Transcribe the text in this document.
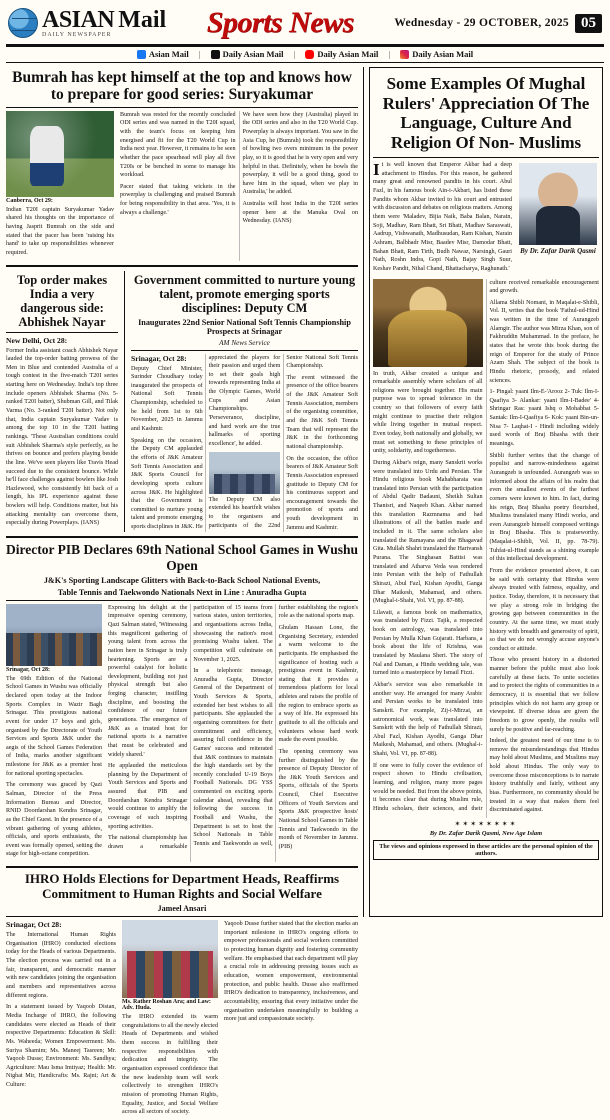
ASIAN Mail
DAILY NEWSPAPER	Sports News	Wednesday - 29 OCTOBER, 2025 05
Asian Mail |	Daily Asian Mail |	Daily Asian Mail |	Daily Asian Mail
Bumrah has kept himself at the top and knows how to prepare for good series: Suryakumar
Canberra, Oct 29:

Indian T20I captain Suryakumar Yadav shared his thoughts on the importance of having Jasprit Bumrah on the side and stated that the pacer has been 'raising his hand' to take up responsibilities whenever required.

Bumrah was rested for the recently concluded ODI series and was named in the T20I squad, with the team's focus on keeping him energised and fit for the T20 World Cup in India next year. However, it remains to be seen whether the pace spearhead will play all five T20Is or be benched in some to manage his workload.

Pacer stated that taking wickets in the powerplay is challenging and praised Bumrah for being responsibility in that area. 'Yes, it is always a challenge.'

We have seen how they (Australia) played in the ODI series and also in the T20 World Cup. Powerplay is always important. You saw in the Asia Cup, he (Bumrah) took the responsibility of bowling two overs minimum in the power play, so it is good that he is very open and very helpful in that. Definitely, when he bowls the powerplay, it will be a good thing, good to have him in the squad, when we play in Australia,' he added.

Australia will host India in the T20I series opener here at the Manuka Oval on Wednesday. (IANS)

Top order makes India a very dangerous side: Abhishek Nayar
New Delhi, Oct 28:

Former India assistant coach Abhishek Nayar lauded the top-order batting prowess of the Men in Blue and contended Australia of a tough contest in the five-match T20I series starting here on Wednesday. India's top three include openers Abhishek Sharma (No. 5-ranked T20I batter), Shubman Gill, and Tilak Varma (No. 3-ranked T20I batter). Not only that, India captain Suryakumar Yadav is among the top 10 in the T20I batting rankings. 'These Australian conditions could suit Abhishek Sharma's style perfectly, as he thrives on bounce and prefers playing beside the line. We've seen players like Travis Head succeed due to the consistent bounce. While he'll face challenges against bowlers like Josh Hazlewood, who consistently hit back of a length, his IPL experience against these bowlers will help. Conditions matter, but his attacking mentality can overcome them, especially during Powerplays. (IANS)

Government committed to nurture young talent, promote emerging sports disciplines: Deputy CM
Inaugurates 22nd Senior National Soft Tennis Championship Prospects at Srinagar
AM News Service
Srinagar, Oct 28:

Deputy Chief Minister, Surinder Choudhary today inaugurated the prospects of National Soft Tennis Championship, scheduled to be held from 1st to 6th November, 2025 in Jammu and Kashmir.

Speaking on the occasion, the Deputy CM applauded the efforts of J&K Amateur Soft Tennis Association and J&K Sports Council for developing sports culture across J&K. He highlighted that the Government is committed to nurture young talent and promote emerging sports disciplines in J&K. He appreciated the players for their passion and urged them to set their goals high towards representing India at the Olympic Games, World Cups and Asian Championships. 'Perseverance, discipline, and hard work are the true hallmarks of sporting excellence', he added.

The Deputy CM also extended his heartfelt wishes to the organisers and participants of the 22nd Senior National Soft Tennis Championship.

The event witnessed the presence of the office bearers of the J&K Amateur Soft Tennis Association, members of the organising committee, and the J&K Soft Tennis Team that will represent the J&K in the forthcoming national championship.

On the occasion, the office bearers of J&K Amateur Soft Tennis Association expressed gratitude to Deputy CM for his continuous support and encouragement towards the promotion of sports and youth development in Jammu and Kashmir.

Director PIB Declares 69th National School Games in Wushu Open
J&K's Sporting Landscape Glitters with Back-to-Back School National Events,
Table Tennis and Taekwondo Nationals Next in Line : Anuradha Gupta
Srinagar, Oct 28:

The 69th Edition of the National School Games in Wushu was officially declared open today at the Indoor Sports Complex in Wazir Bagh Srinagar. This prestigious national event for under 17 boys and girls, organised by the Directorate of Youth Services and Sports J&K under the aegis of the School Games Federation of India, marks another significant milestone for J&K as a premier host for national sporting spectacles.

The ceremony was graced by Qazi Salman, Director of the Press Information Bureau and Director, RNID Doordarshan Kendra Srinagar, as the Chief Guest. In the presence of a vibrant gathering of young athletes, officials, and sports enthusiasts, the event was formally opened, setting the stage for high-octane competition.

Expressing his delight at the impressive opening ceremony, Qazi Salman stated, 'Witnessing this magnificent gathering of young talent from across the nation here in Srinagar is truly heartening. Sports are a powerful catalyst for holistic development, building not just physical strength but also forging character, instilling discipline, and boosting the confidence of our future generations. The emergence of J&K as a trusted host for national sports is a narrative that must be celebrated and widely shared.'

He applauded the meticulous planning by the Department of Youth Services and Sports and assured that PIB and Doordarshan Kendra Srinagar would continue to amplify the coverage of such inspiring sporting activities.

The national championship has drawn a remarkable participation of 15 teams from various states, union territories, and organisations across India, showcasing the nation's most promising Wushu talent. The competition will culminate on November 1, 2025.

In a telephonic message, Anuradha Gupta, Director General of the Department of Youth Services & Sports, extended her best wishes to all participants. She applauded the organising committees for their commitment and efficiency, assuring full confidence in the Games' success and reiterated that J&K continues to maintain the high standards set by the recently concluded U-19 Boys Football Nationals. DG YSS commented on exciting sports calendar ahead, revealing that following the success in Football and Wushu, the Department is set to host the School Nationals in Table Tennis and Taekwondo as well, further establishing the region's role as the national sports map.

Ghulam Hassan Lone, the Organising Secretary, extended a warm welcome to the participants. He emphasised the significance of hosting such a prestigious event in Kashmir, stating that it provides a tremendous platform for local athletes and raises the profile of the region to embrace sports as a way of life. He expressed his gratitude to all the officials and volunteers whose hard work made the event possible.

The opening ceremony was further distinguished by the presence of Deputy Director of the J&K Youth Services and Sports, officials of the Sports Council, Chief Executive Officers of Youth Services and Sports J&K prospective hosts' National School Games in Table Tennis and Taekwondo in the month of November in Jammu. (PIB)

IHRO Holds Elections for Department Heads, Reaffirms Commitment to Human Rights and Social Welfare
Jameel Ansari
Srinagar, Oct 28:

The International Human Rights Organisation (IHRO) conducted elections today for the Heads of various Departments. The election process was carried out in a fair, transparent, and democratic manner with new candidates joining the organisation and members and representatives across different regions.

In a statement issued by Yaqoob Distan, Media Incharge of IHRO, the following candidates were elected as Heads of their respective Departments: Education & Skill: Ms. Waheeda; Women Empowerment: Ms. Suriya Shamim; Ms. Maneej Tasreen; Mr. Yaqoob Dusse; Environment: Ms. Sandhya; Agriculture: Mau Isma Imtiyaz; Health: Mr. Nighat Mir, Handicrafts: Ms. Rajni; Art & Culture:

Ms. Rather Roshan Ara; and Law: Adv. Huda.

The IHRO extended its warm congratulations to all the newly elected Heads of Departments and wished them success in fulfilling their respective responsibilities with dedication and integrity. The organisation expressed confidence that the new leadership team will work collectively to strengthen IHRO's mission of promoting Human Rights, Equality, Justice, and Social Welfare across all sectors of society.

Yaqoob Dusse further stated that the election marks an important milestone in IHRO's ongoing efforts to empower professionals and social workers committed to protecting human dignity and fostering community welfare. He emphasised that each department will play a crucial role in addressing pressing issues such as education, women empowerment, environmental protection, and public health. Dusse also reaffirmed IHRO's dedication to transparency, inclusiveness, and accountability, ensuring that every initiative under the organisation undertaken meaningfully to building a more just and compassionate society.

Some Examples Of Mughal Rulers' Appreciation Of The Language, Culture And Religion Of Non- Muslims

It is well known that Emperor Akbar had a deep attachment to Hindus. For this reason, he gathered many great and renowned pandits in his court. Abul Fazl, in his famous book Ain-i-Akbari, has listed these Pandits whom Akbar invited to his court and entrusted with discussion and debates on religious matters. Among them were 'Maladev, Bijia Naik, Baba Balan, Narain, Soji, Madhav, Ram Bhatt, Sri Bhatt, Madhav Saraswati, Aadrup, Vishwanath, Madhusudan, Ram Kishan, Narain Ashram, Balbhadr Misr, Baadev Misr, Damodar Bhatt, Bahan Bhatt, Ram Tirth, Budh Nawaz, Narsingh, Gauri Nath, Roshn Indra, Gopi Nath, Bajay Singh Suur, Keshav Pandit, Nihal Chand, Bhattacharya, Raghunath.'

By Dr. Zafar Darik Qasmi

In truth, Akbar created a unique and remarkable assembly where scholars of all religions were brought together. His main purpose was to spread tolerance in the country so that followers of every faith might continue to practise their religion while living together in mutual respect. Even today, both nationally and globally, we must set something to these principles of unity, solidarity, and togetherness.

During Akbar's reign, many Sanskrit works were translated into Urdu and Persian. The Hindu religious book Mahabharata was translated into Persian with the participation of Abdul Qadir Badauni, Sheikh Sultan Thanisri, and Naqeeb Khan. Akbar named this translation Razmnama and had illustrations of all the battles made and included in it. The same scholars also translated the Ramayana and the Bhagavad Gita. Mullah Shahri translated the Harivansh Purana. The Singhasan Battisi was translated and Atharva Veda was rendered into Persian with the help of Fathullah Shirazi, Abul Fazl, Kishan Ayodhi, Ganga Dhar Maikesh, Mahamad, and others. (Mughal-i-Shahi, Vol. VI, pp. 87-88).

Lilavati, a famous book on mathematics, was translated by Fizzi. Tajik, a respected book on astrology, was translated into Persian by Mulla Khan Gujarati. Harbans, a book about the life of Krishna, was translated by Maulana Sheri. The story of Nal and Daman, a Hindu wedding tale, was turned into a masterpiece by Ismail Fizzi.

Akbar's service was also remarkable in another way. He arranged for many Arabic and Persian works to be translated into Sanskrit. For example, Zij-i-Mirzai, an astronomical work, was translated into Sanskrit with the help of Fathullah Shirazi, Abul Fazl, Kishan Ayodhi, Ganga Dhar Maikesh, Mahamad, and others. (Mughal-i-Shahi, Vol. VI, pp. 87-88).

If one were to fully cover the evidence of respect shown to Hindu civilisation, learning, and religion, many more pages would be needed. But from the above points, it becomes clear that during Muslim rule, Hindu scholars, their sciences, and their culture received remarkable encouragement and growth.

Allama Shibli Nomani, in Maqalat-e-Shibli, Vol. II, writes that the book 'Fathul-ud-Hind was written in the time of Aurangzeb Alamgir. The author was Mirza Khan, son of Fakhruddin Muhammad. In the preface, he states that he wrote this book during the reign of Emperor for the study of Prince Azam Shah. The subject of the book is Hindu rhetoric, prosody, and related sciences.

1- Pingal: yaani Ilm-E-'Arooz 2- Tuk: Ilm-I-Qaafiya 3- Alankar: yaani Ilm-I-Badee' 4- Shringar Ras: yaani Ishq o Mohabbat 5- Santak: Ilm-I-Qaafiya 6- Kok: yaani Bin-un-Nisa 7- Laqhat-I - Hindi including widely used words of Braj Bhasha with their meanings.

Shibli further writes that the change of populist and narrow-mindedness against Aurangzeb is unfounded. Aurangzeb was so informed about the affairs of his realm that even the smallest events of the farthest corners were known to him. In fact, during his reign, Braj Bhasha poetry flourished, Muslims translated many Hindi works, and even Aurangzeb himself composed writings in Braj Bhasha. This is praiseworthy. (Maqalat-i-Shibli, Vol. II, pp. 78-79). Tuhfat-ul-Hind stands as a shining example of this intellectual development.

From the evidence presented above, it can be said with certainty that Hindus were always treated with fairness, equality, and justice. Today, therefore, it is necessary that we play a strong role in bridging the growing gap between communities in the country. At the same time, we must study history with breadth and generosity of spirit, so that we do not wrongly accuse anyone's conduct or attitude.

Those who present history in a distorted manner before the public must also look carefully at these facts. To unite societies and to protect the rights of communities in a democracy, it is essential that we follow principles which do not harm any group or viewpoint. If diverse ideas are given the freedom to grow openly, the results will surely be positive and far-reaching.

Indeed, the greatest need of our time is to remove the misunderstandings that Hindus may hold about Muslims, and Muslims may hold about Hindus. The only way to overcome those misconceptions is to narrate history truthfully and fairly, without any bias. Furthermore, no community should be treated in a way that makes them feel discriminated against.

✶✶✶✶✶✶✶✶
By Dr. Zafar Darik Qasmi, New Age Islam
The views and opinions expressed in these articles are the personal opinion of the authors.
